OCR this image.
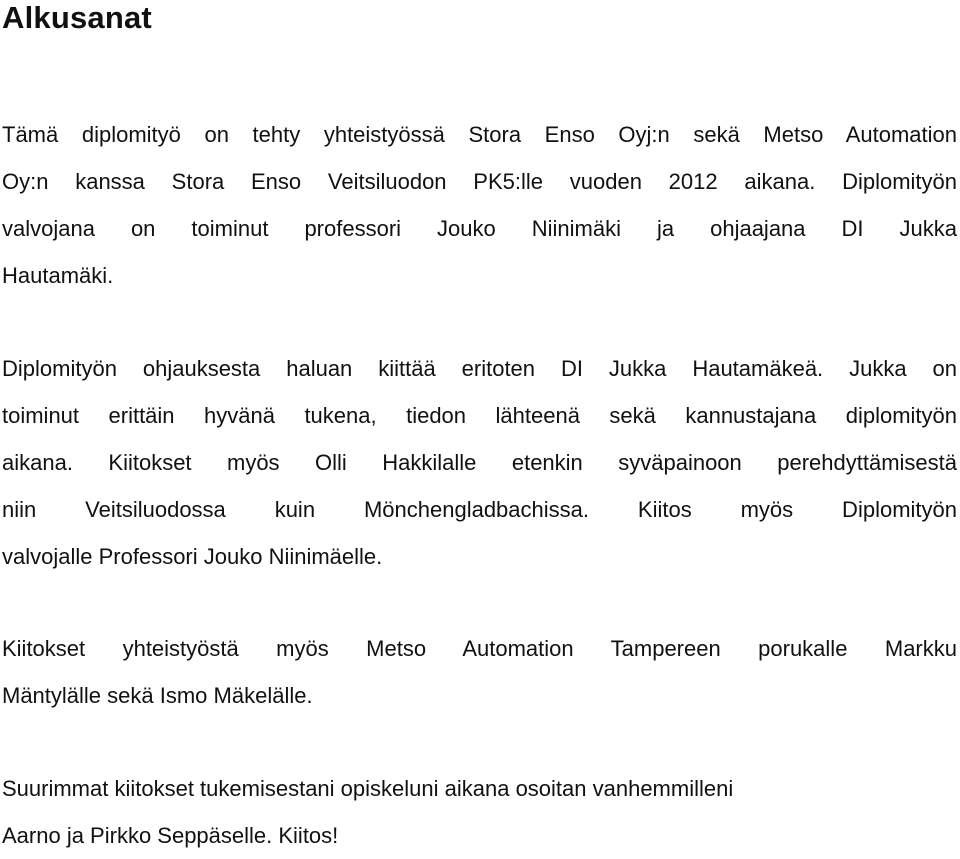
Alkusanat
Tämä diplomityö on tehty yhteistyössä Stora Enso Oyj:n sekä Metso Automation
Oy:n kanssa Stora Enso Veitsiluodon PK5:lle vuoden 2012 aikana. Diplomityön
valvojana on toiminut professori Jouko Niinimäki ja ohjaajana DI Jukka
Hautamäki.
Diplomityön ohjauksesta haluan kiittää eritoten DI Jukka Hautamäkeä. Jukka on
toiminut erittäin hyvänä tukena, tiedon lähteenä sekä kannustajana diplomityön
aikana. Kiitokset myös Olli Hakkilalle etenkin syväpainoon perehdyttämisestä
niin Veitsiluodossa kuin Mönchengladbachissa. Kiitos myös Diplomityön
valvojalle Professori Jouko Niinimäelle.
Kiitokset yhteistyöstä myös Metso Automation Tampereen porukalle Markku
Mäntylälle sekä Ismo Mäkelälle.
Suurimmat kiitokset tukemisestani opiskeluni aikana osoitan vanhemmilleni
Aarno ja Pirkko Seppäselle. Kiitos!
